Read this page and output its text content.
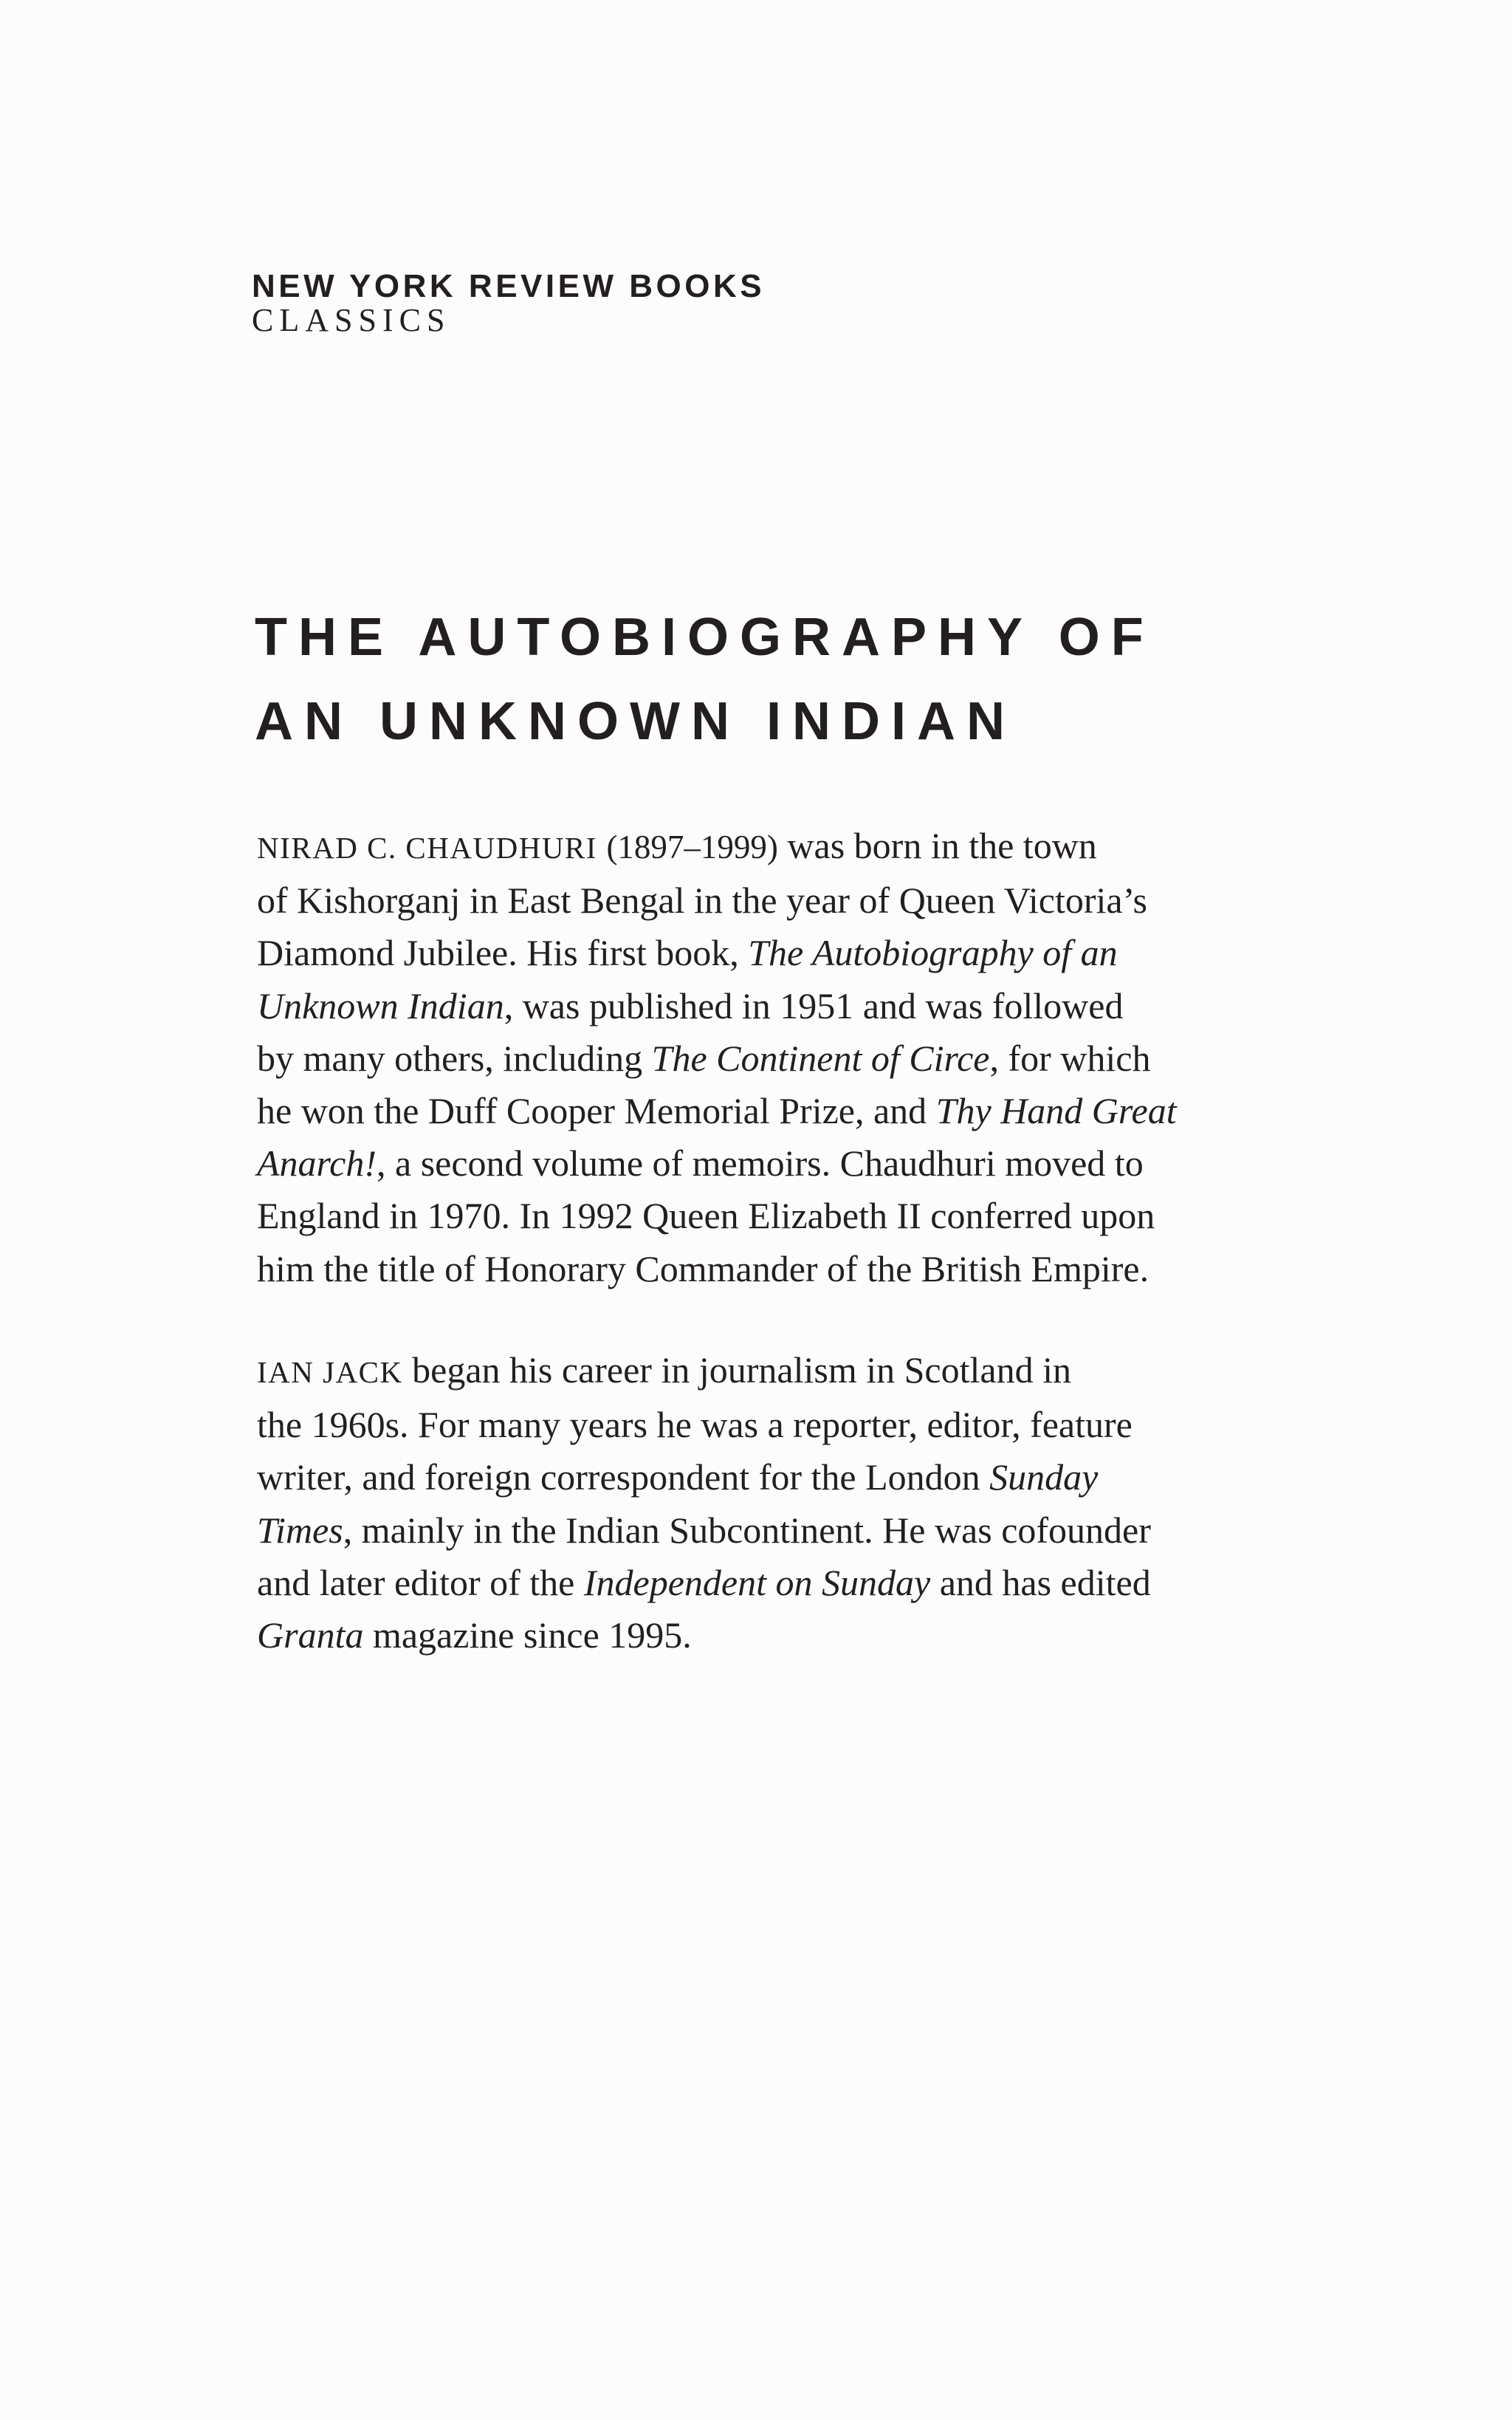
NEW YORK REVIEW BOOKS
CLASSICS
THE AUTOBIOGRAPHY OF
AN UNKNOWN INDIAN

NIRAD C. CHAUDHURI (1897–1999) was born in the town
of Kishorganj in East Bengal in the year of Queen Victoria’s
Diamond Jubilee. His first book, The Autobiography of an
Unknown Indian, was published in 1951 and was followed
by many others, including The Continent of Circe, for which
he won the Duff Cooper Memorial Prize, and Thy Hand Great
Anarch!, a second volume of memoirs. Chaudhuri moved to
England in 1970. In 1992 Queen Elizabeth II conferred upon
him the title of Honorary Commander of the British Empire.

IAN JACK began his career in journalism in Scotland in
the 1960s. For many years he was a reporter, editor, feature
writer, and foreign correspondent for the London Sunday
Times, mainly in the Indian Subcontinent. He was cofounder
and later editor of the Independent on Sunday and has edited
Granta magazine since 1995.
